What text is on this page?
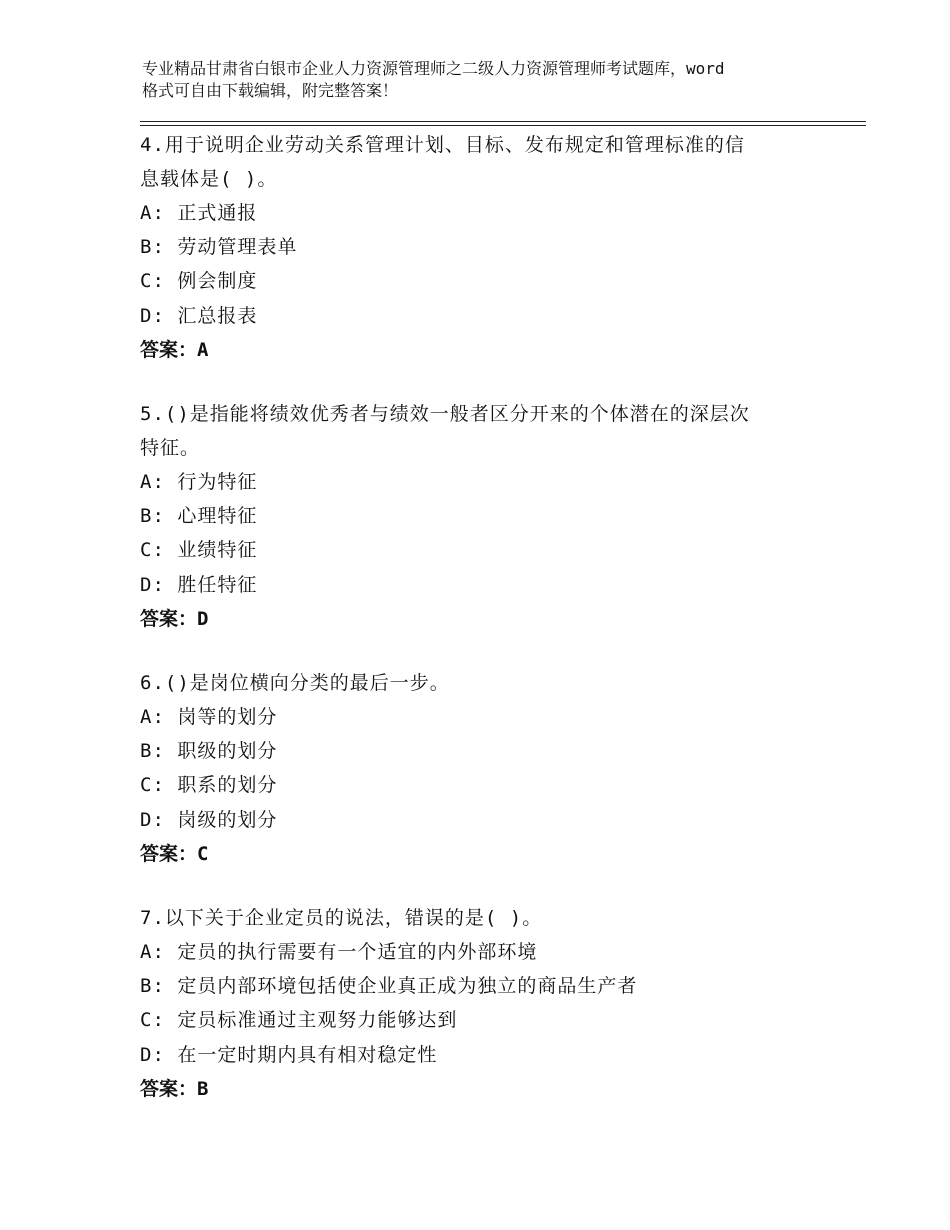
专业精品甘肃省白银市企业人力资源管理师之二级人力资源管理师考试题库，word
格式可自由下载编辑，附完整答案！

4.用于说明企业劳动关系管理计划、目标、发布规定和管理标准的信

息载体是( )。

A: 正式通报

B: 劳动管理表单

C: 例会制度

D: 汇总报表

答案：A

5.()是指能将绩效优秀者与绩效一般者区分开来的个体潜在的深层次

特征。

A: 行为特征

B: 心理特征

C: 业绩特征

D: 胜任特征

答案：D

6.()是岗位横向分类的最后一步。

A: 岗等的划分

B: 职级的划分

C: 职系的划分

D: 岗级的划分

答案：C

7.以下关于企业定员的说法，错误的是( )。

A: 定员的执行需要有一个适宜的内外部环境

B: 定员内部环境包括使企业真正成为独立的商品生产者

C: 定员标准通过主观努力能够达到

D: 在一定时期内具有相对稳定性

答案：B
